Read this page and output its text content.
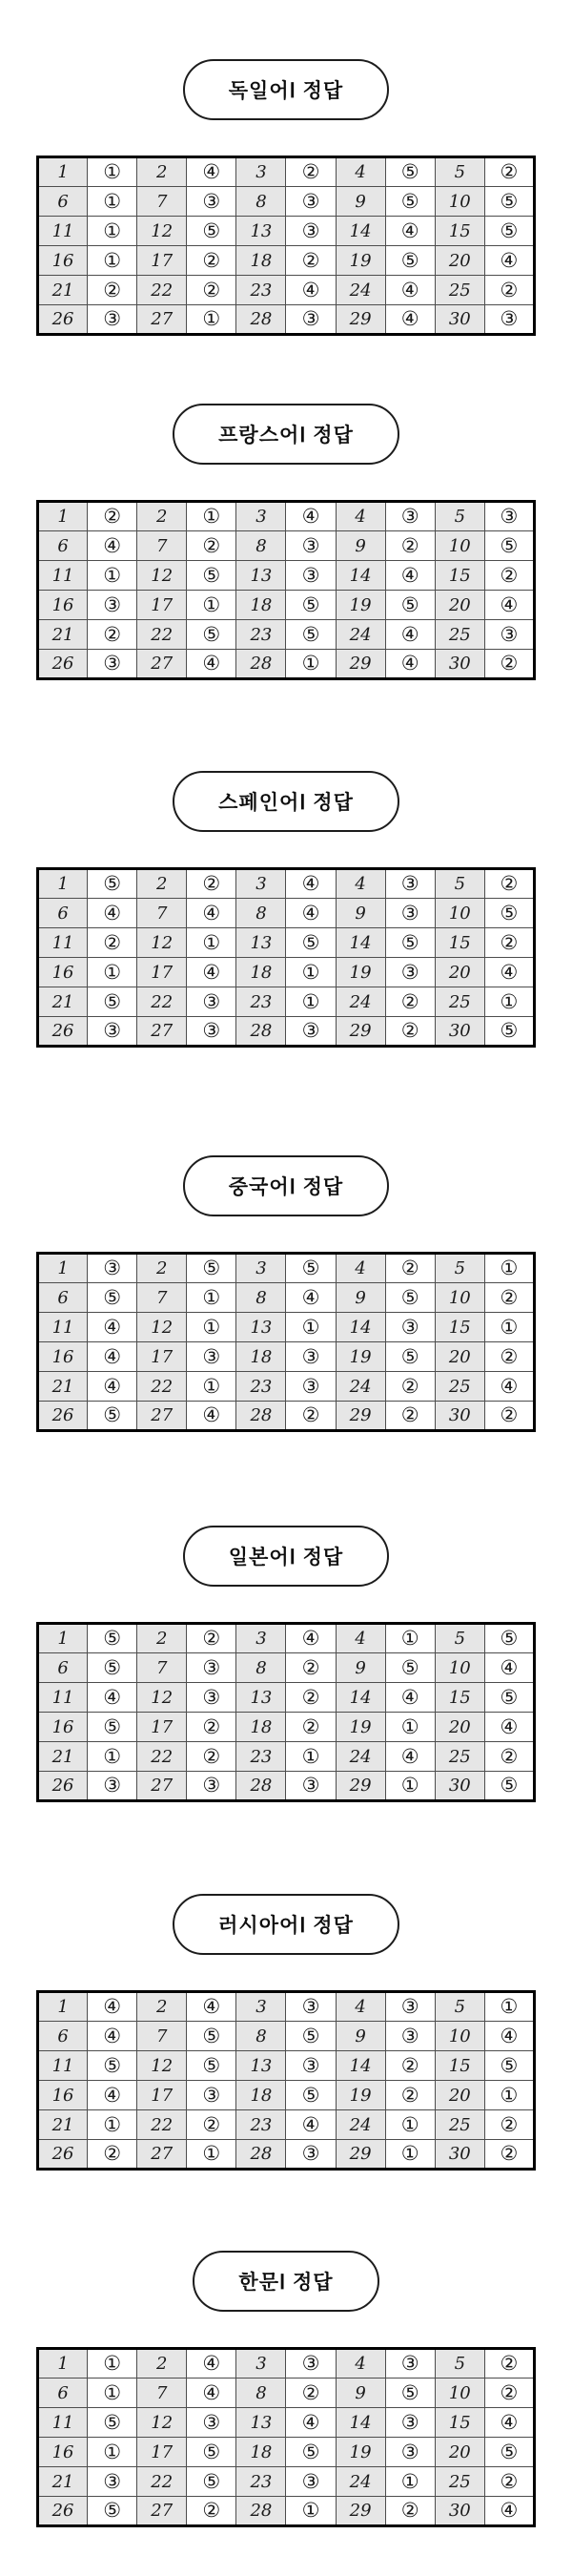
독일어Ⅰ 정답
1	①	2	④	3	②	4	⑤	5	②
6	①	7	③	8	③	9	⑤	10	⑤
11	①	12	⑤	13	③	14	④	15	⑤
16	①	17	②	18	②	19	⑤	20	④
21	②	22	②	23	④	24	④	25	②
26	③	27	①	28	③	29	④	30	③
프랑스어Ⅰ 정답
1	②	2	①	3	④	4	③	5	③
6	④	7	②	8	③	9	②	10	⑤
11	①	12	⑤	13	③	14	④	15	②
16	③	17	①	18	⑤	19	⑤	20	④
21	②	22	⑤	23	⑤	24	④	25	③
26	③	27	④	28	①	29	④	30	②
스페인어Ⅰ 정답
1	⑤	2	②	3	④	4	③	5	②
6	④	7	④	8	④	9	③	10	⑤
11	②	12	①	13	⑤	14	⑤	15	②
16	①	17	④	18	①	19	③	20	④
21	⑤	22	③	23	①	24	②	25	①
26	③	27	③	28	③	29	②	30	⑤
중국어Ⅰ 정답
1	③	2	⑤	3	⑤	4	②	5	①
6	⑤	7	①	8	④	9	⑤	10	②
11	④	12	①	13	①	14	③	15	①
16	④	17	③	18	③	19	⑤	20	②
21	④	22	①	23	③	24	②	25	④
26	⑤	27	④	28	②	29	②	30	②
일본어Ⅰ 정답
1	⑤	2	②	3	④	4	①	5	⑤
6	⑤	7	③	8	②	9	⑤	10	④
11	④	12	③	13	②	14	④	15	⑤
16	⑤	17	②	18	②	19	①	20	④
21	①	22	②	23	①	24	④	25	②
26	③	27	③	28	③	29	①	30	⑤
러시아어Ⅰ 정답
1	④	2	④	3	③	4	③	5	①
6	④	7	⑤	8	⑤	9	③	10	④
11	⑤	12	⑤	13	③	14	②	15	⑤
16	④	17	③	18	⑤	19	②	20	①
21	①	22	②	23	④	24	①	25	②
26	②	27	①	28	③	29	①	30	②
한문Ⅰ 정답
1	①	2	④	3	③	4	③	5	②
6	①	7	④	8	②	9	⑤	10	②
11	⑤	12	③	13	④	14	③	15	④
16	①	17	⑤	18	⑤	19	③	20	⑤
21	③	22	⑤	23	③	24	①	25	②
26	⑤	27	②	28	①	29	②	30	④
